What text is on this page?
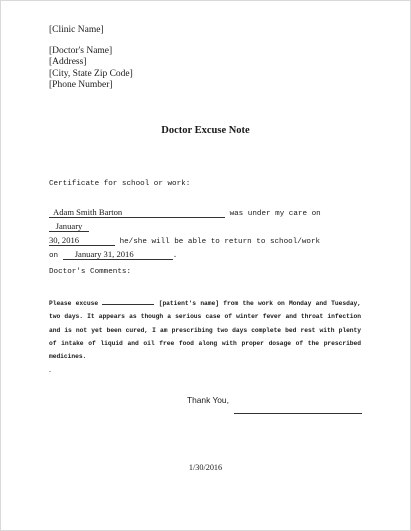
[Clinic Name]
[Doctor's Name]
[Address]
[City, State Zip Code]
[Phone Number]
Doctor Excuse Note
Certificate for school or work:
Adam Smith Barton	was under my care on January
30, 2016	he/she will be able to return to school/work
on January 31, 2016	.
Doctor's Comments:
Please excuse	[patient's name] from the work on Monday and Tuesday, two days. It appears as though a serious case of winter fever and throat infection and is not yet been cured, I am prescribing two days complete bed rest with plenty of intake of liquid and oil free food along with proper dosage of the prescribed medicines.
.
Thank You,
1/30/2016
